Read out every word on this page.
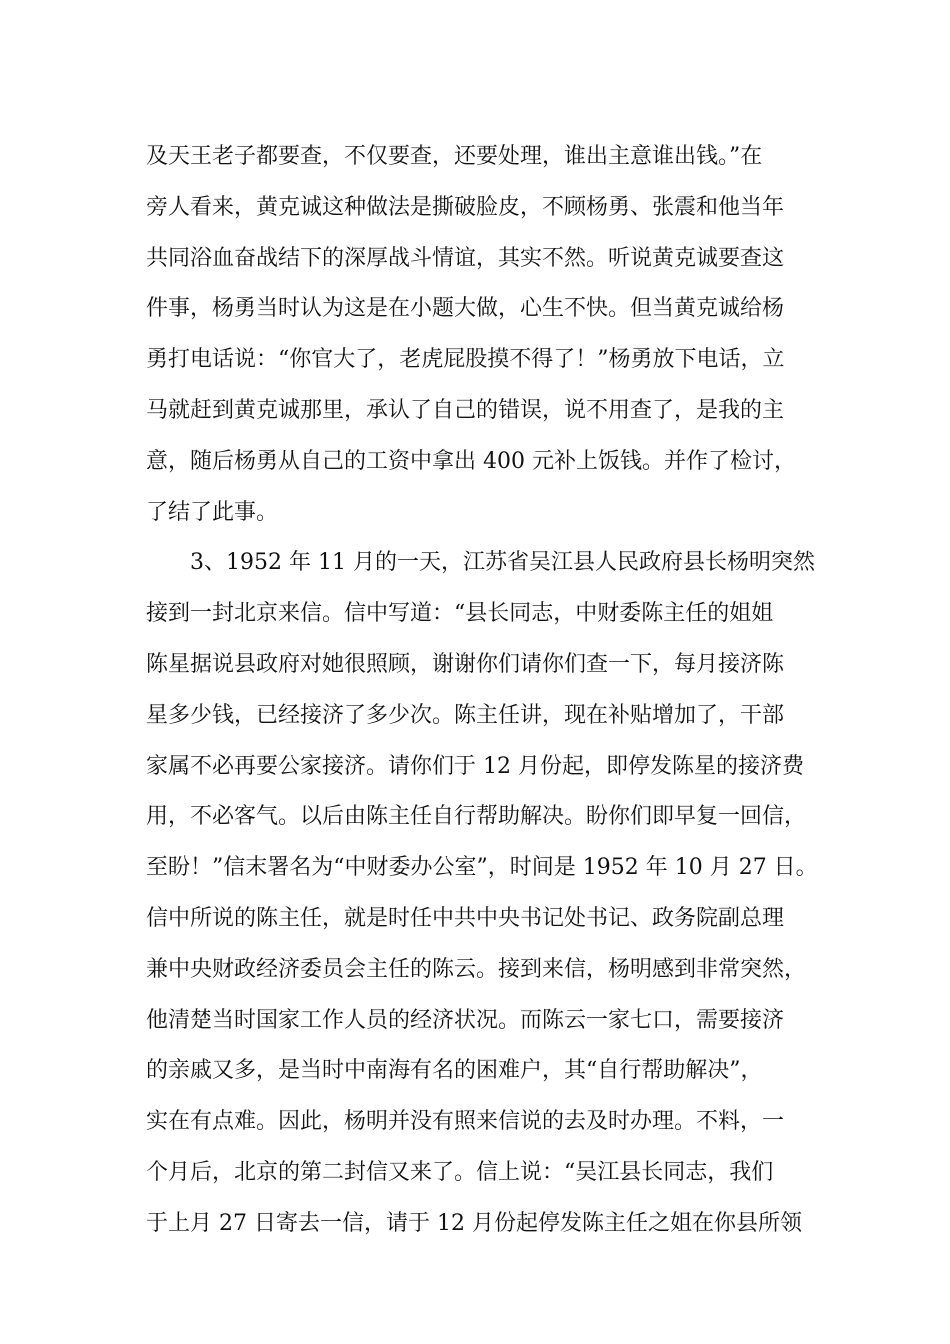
及天王老子都要查，不仅要查，还要处理，谁出主意谁出钱。”在
旁人看来，黄克诚这种做法是撕破脸皮，不顾杨勇、张震和他当年
共同浴血奋战结下的深厚战斗情谊，其实不然。听说黄克诚要查这
件事，杨勇当时认为这是在小题大做，心生不快。但当黄克诚给杨
勇打电话说：“你官大了，老虎屁股摸不得了！”杨勇放下电话，立
马就赶到黄克诚那里，承认了自己的错误，说不用查了，是我的主
意，随后杨勇从自己的工资中拿出 400 元补上饭钱。并作了检讨，
了结了此事。
3、1952 年 11 月的一天，江苏省吴江县人民政府县长杨明突然
接到一封北京来信。信中写道：“县长同志，中财委陈主任的姐姐
陈星据说县政府对她很照顾，谢谢你们请你们查一下，每月接济陈
星多少钱，已经接济了多少次。陈主任讲，现在补贴增加了，干部
家属不必再要公家接济。请你们于 12 月份起，即停发陈星的接济费
用，不必客气。以后由陈主任自行帮助解决。盼你们即早复一回信，
至盼！”信末署名为“中财委办公室”，时间是 1952 年 10 月 27 日。
信中所说的陈主任，就是时任中共中央书记处书记、政务院副总理
兼中央财政经济委员会主任的陈云。接到来信，杨明感到非常突然，
他清楚当时国家工作人员的经济状况。而陈云一家七口，需要接济
的亲戚又多，是当时中南海有名的困难户，其“自行帮助解决”，
实在有点难。因此，杨明并没有照来信说的去及时办理。不料，一
个月后，北京的第二封信又来了。信上说：“吴江县长同志，我们
于上月 27 日寄去一信，请于 12 月份起停发陈主任之姐在你县所领
